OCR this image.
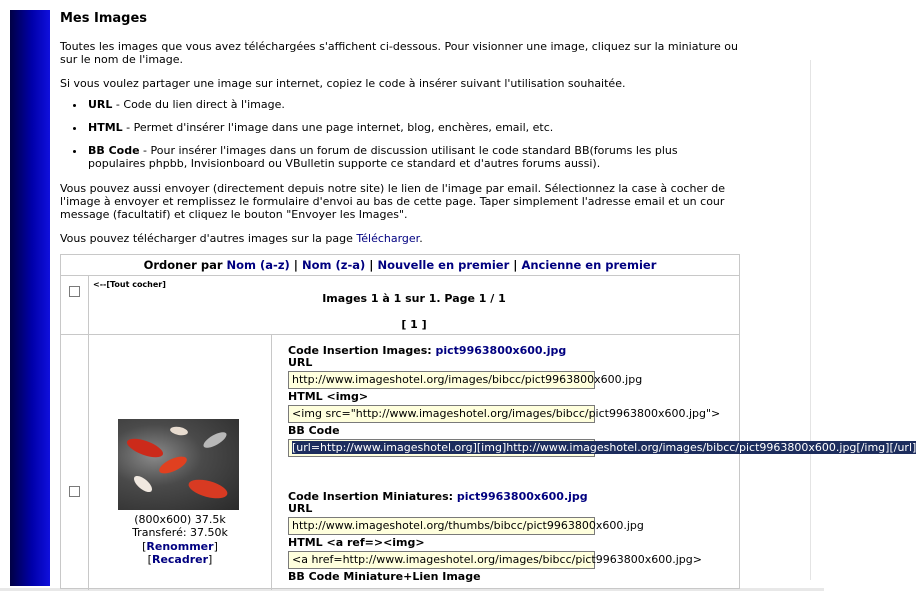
Mes Images

Toutes les images que vous avez téléchargées s'affichent ci-dessous. Pour visionner une image, cliquez sur la miniature ou sur le nom de l'image.

Si vous voulez partager une image sur internet, copiez le code à insérer suivant l'utilisation souhaitée.

• URL - Code du lien direct à l'image.
• HTML - Permet d'insérer l'image dans une page internet, blog, enchères, email, etc.
• BB Code - Pour insérer l'images dans un forum de discussion utilisant le code standard BB(forums les plus populaires phpbb, Invisionboard ou VBulletin supporte ce standard et d'autres forums aussi).

Vous pouvez aussi envoyer (directement depuis notre site) le lien de l'image par email. Sélectionnez la case à cocher de l'image à envoyer et remplissez le formulaire d'envoi au bas de cette page. Taper simplement l'adresse email et un cour message (facultatif) et cliquez le bouton "Envoyer les Images".

Vous pouvez télécharger d'autres images sur la page Télécharger.

Ordoner par Nom (a-z) | Nom (z-a) | Nouvelle en premier | Ancienne en premier
<--[Tout cocher]
Images 1 à 1 sur 1. Page 1 / 1
[ 1 ]
(800x600) 37.5k
Transferé: 37.50k
[Renommer]
[Recadrer]
Code Insertion Images: pict9963800x600.jpg
URL
http://www.imageshotel.org/images/bibcc/pict9963800x600.jpg
HTML <img>
<img src="http://www.imageshotel.org/images/bibcc/pict9963800x600.jpg">
BB Code
[url=http://www.imageshotel.org][img]http://www.imageshotel.org/images/bibcc/pict9963800x600.jpg[/img][/url]
Code Insertion Miniatures: pict9963800x600.jpg
URL
http://www.imageshotel.org/thumbs/bibcc/pict9963800x600.jpg
HTML <a ref=><img>
<a href=http://www.imageshotel.org/images/bibcc/pict9963800x600.jpg>
BB Code Miniature+Lien Image
